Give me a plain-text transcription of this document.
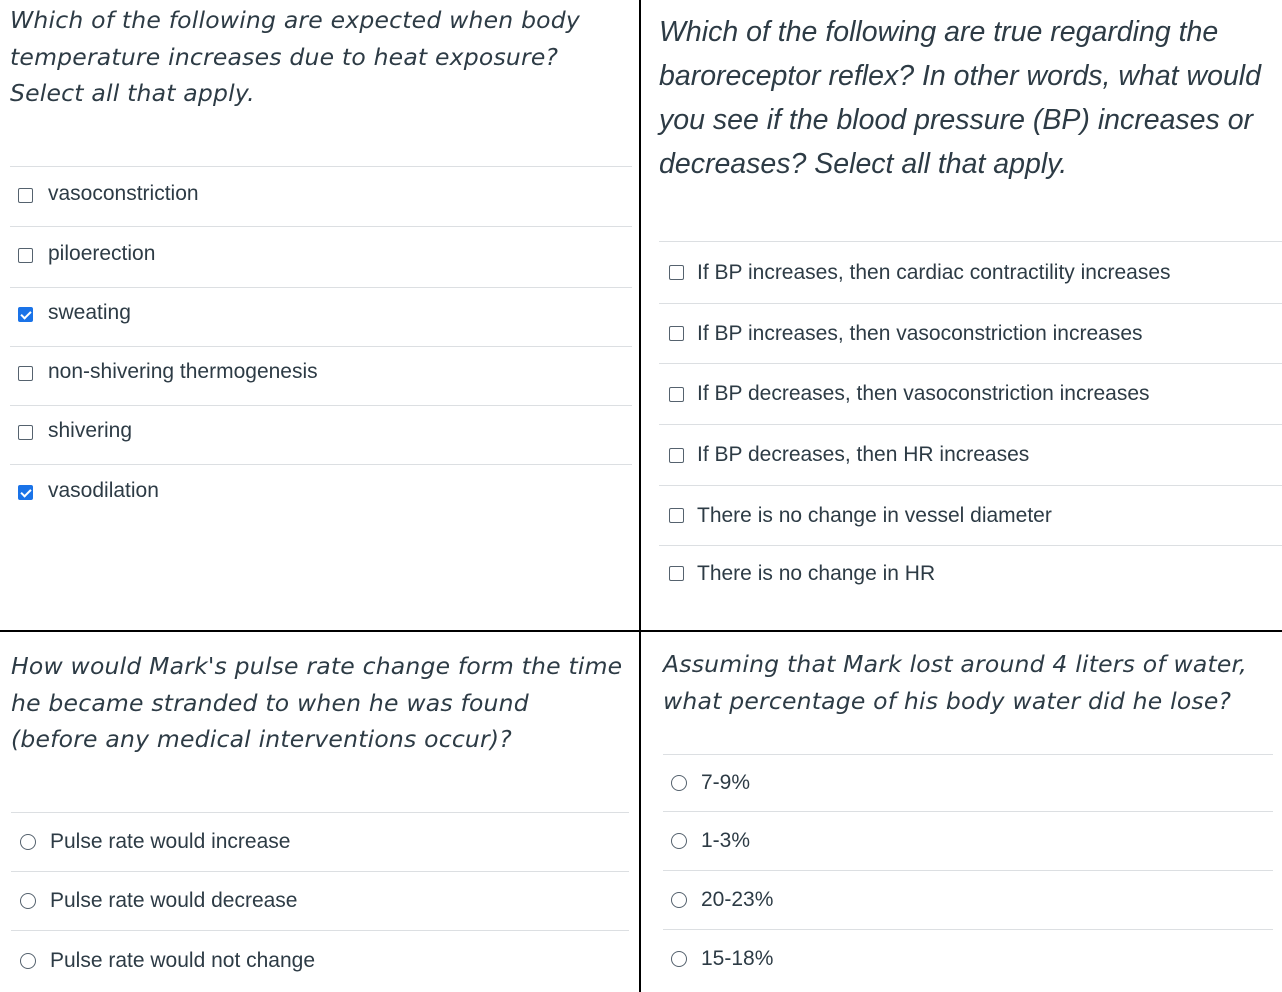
Which of the following are expected when body temperature increases due to heat exposure? Select all that apply.

vasoconstriction
piloerection
sweating
non-shivering thermogenesis
shivering
vasodilation

Which of the following are true regarding the baroreceptor reflex? In other words, what would you see if the blood pressure (BP) increases or decreases? Select all that apply.

If BP increases, then cardiac contractility increases
If BP increases, then vasoconstriction increases
If BP decreases, then vasoconstriction increases
If BP decreases, then HR increases
There is no change in vessel diameter
There is no change in HR

How would Mark's pulse rate change form the time he became stranded to when he was found (before any medical interventions occur)?

Pulse rate would increase
Pulse rate would decrease
Pulse rate would not change

Assuming that Mark lost around 4 liters of water, what percentage of his body water did he lose?

7-9%
1-3%
20-23%
15-18%
